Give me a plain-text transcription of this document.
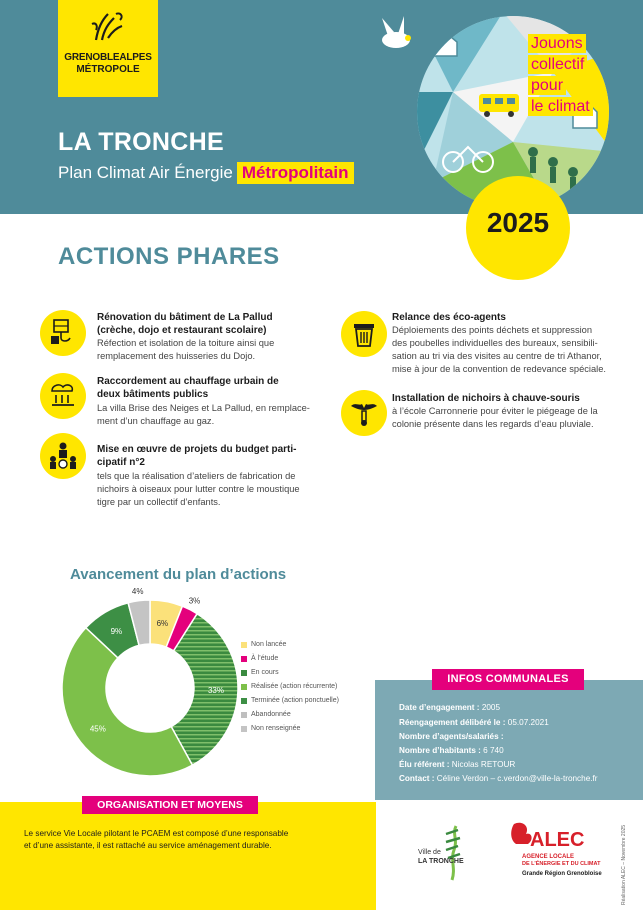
GRENOBLEALPES
MÉTROPOLE
LA TRONCHE
Plan Climat Air Énergie Métropolitain
Jouons
collectif
pour
le climat
2025
ACTIONS PHARES
Rénovation du bâtiment de La Pallud
(crèche, dojo et restaurant scolaire)
Réfection et isolation de la toiture ainsi que
remplacement des huisseries du Dojo.
Raccordement au chauffage urbain de
deux bâtiments publics
La villa Brise des Neiges et La Pallud, en remplace-
ment d’un chauffage au gaz.
Mise en œuvre de projets du budget parti-
cipatif n°2
tels que la réalisation d’ateliers de fabrication de
nichoirs à oiseaux pour lutter contre le moustique
tigre par un collectif d’enfants.
Relance des éco-agents
Déploiements des points déchets et suppression
des poubelles individuelles des bureaux, sensibili-
sation au tri via des visites au centre de tri Athanor,
mise à jour de la convention de redevance spéciale.
Installation de nichoirs à chauve-souris
à l’école Carronnerie pour éviter le piégeage de la
colonie présente dans les regards d’eau pluviale.
Avancement du plan d’actions
6%
3%
33%
45%
9%
4%
Non lancée
À l’étude
En cours
Réalisée (action récurrente)
Terminée (action ponctuelle)
Abandonnée
Non renseignée
INFOS COMMUNALES
Date d’engagement : 2005
Réengagement délibéré le : 05.07.2021
Nombre d’agents/salariés :
Nombre d’habitants : 6 740
Élu référent : Nicolas RETOUR
Contact : Céline Verdon – c.verdon@ville-la-tronche.fr
ORGANISATION ET MOYENS
Le service Vie Locale pilotant le PCAEM est composé d’une responsable
et d’une assistante, il est rattaché au service aménagement durable.
Ville de
LA TRONCHE
ALEC
AGENCE LOCALE
DE L’ÉNERGIE ET DU CLIMAT
Grande Région Grenobloise	Réalisation ALEC – Novembre 2025
